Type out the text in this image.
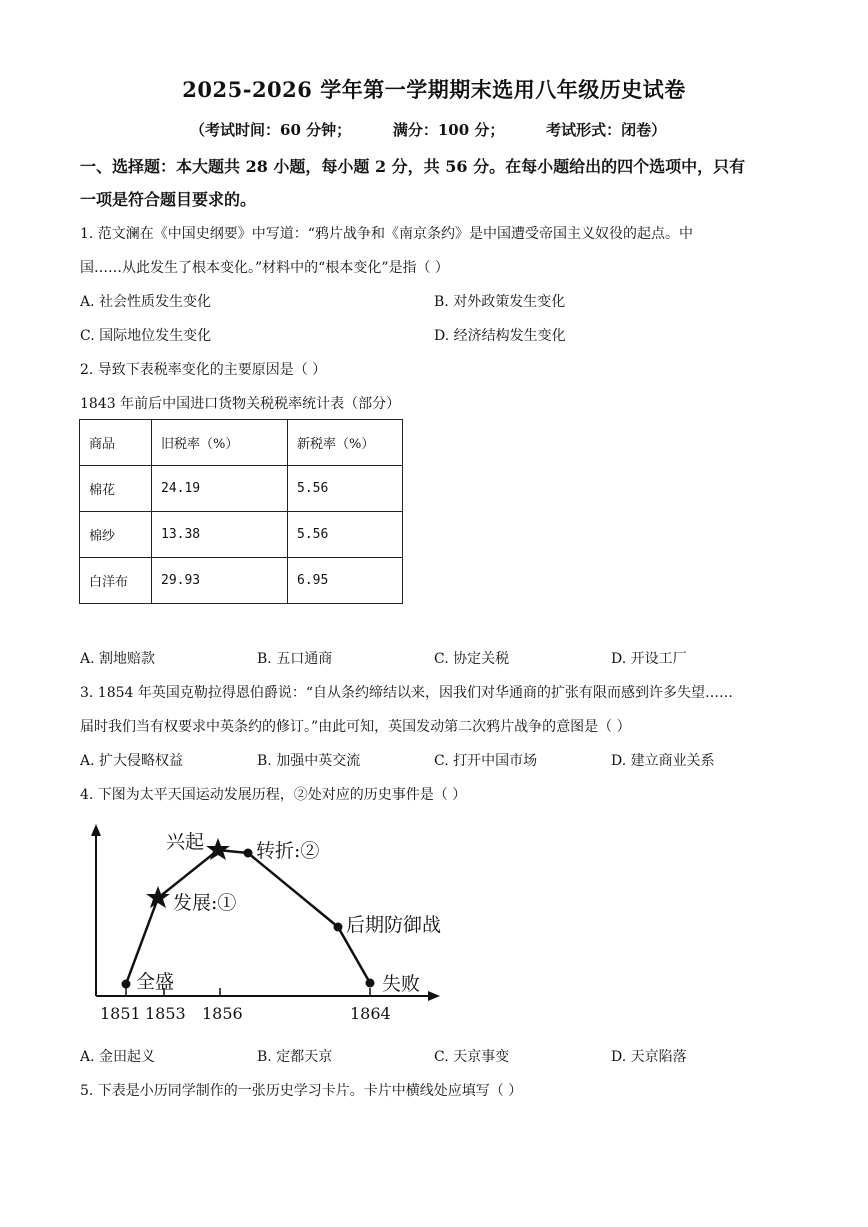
2025-2026 学年第一学期期末选用八年级历史试卷
（考试时间：60 分钟；        满分：100 分；        考试形式：闭卷）
一、选择题：本大题共 28 小题，每小题 2 分，共 56 分。在每小题给出的四个选项中，只有
一项是符合题目要求的。
1. 范文澜在《中国史纲要》中写道：“鸦片战争和《南京条约》是中国遭受帝国主义奴役的起点。中
国……从此发生了根本变化。”材料中的“根本变化”是指（ ）
A. 社会性质发生变化	B. 对外政策发生变化
C. 国际地位发生变化	D. 经济结构发生变化
2. 导致下表税率变化的主要原因是（ ）
1843 年前后中国进口货物关税税率统计表（部分）
商品	旧税率（%）	新税率（%）
棉花	24.19	5.56
棉纱	13.38	5.56
白洋布	29.93	6.95
A. 割地赔款	B. 五口通商	C. 协定关税	D. 开设工厂
3. 1854 年英国克勒拉得恩伯爵说：“自从条约缔结以来，因我们对华通商的扩张有限而感到许多失望……
届时我们当有权要求中英条约的修订。”由此可知，英国发动第二次鸦片战争的意图是（ ）
A. 扩大侵略权益	B. 加强中英交流	C. 打开中国市场	D. 建立商业关系
4. 下图为太平天国运动发展历程，②处对应的历史事件是（ ）
兴起	转折:②
发展:①
后期防御战
全盛	失败
1851 1853 1856	1864
A. 金田起义	B. 定都天京	C. 天京事变	D. 天京陷落
5. 下表是小历同学制作的一张历史学习卡片。卡片中横线处应填写（ ）
